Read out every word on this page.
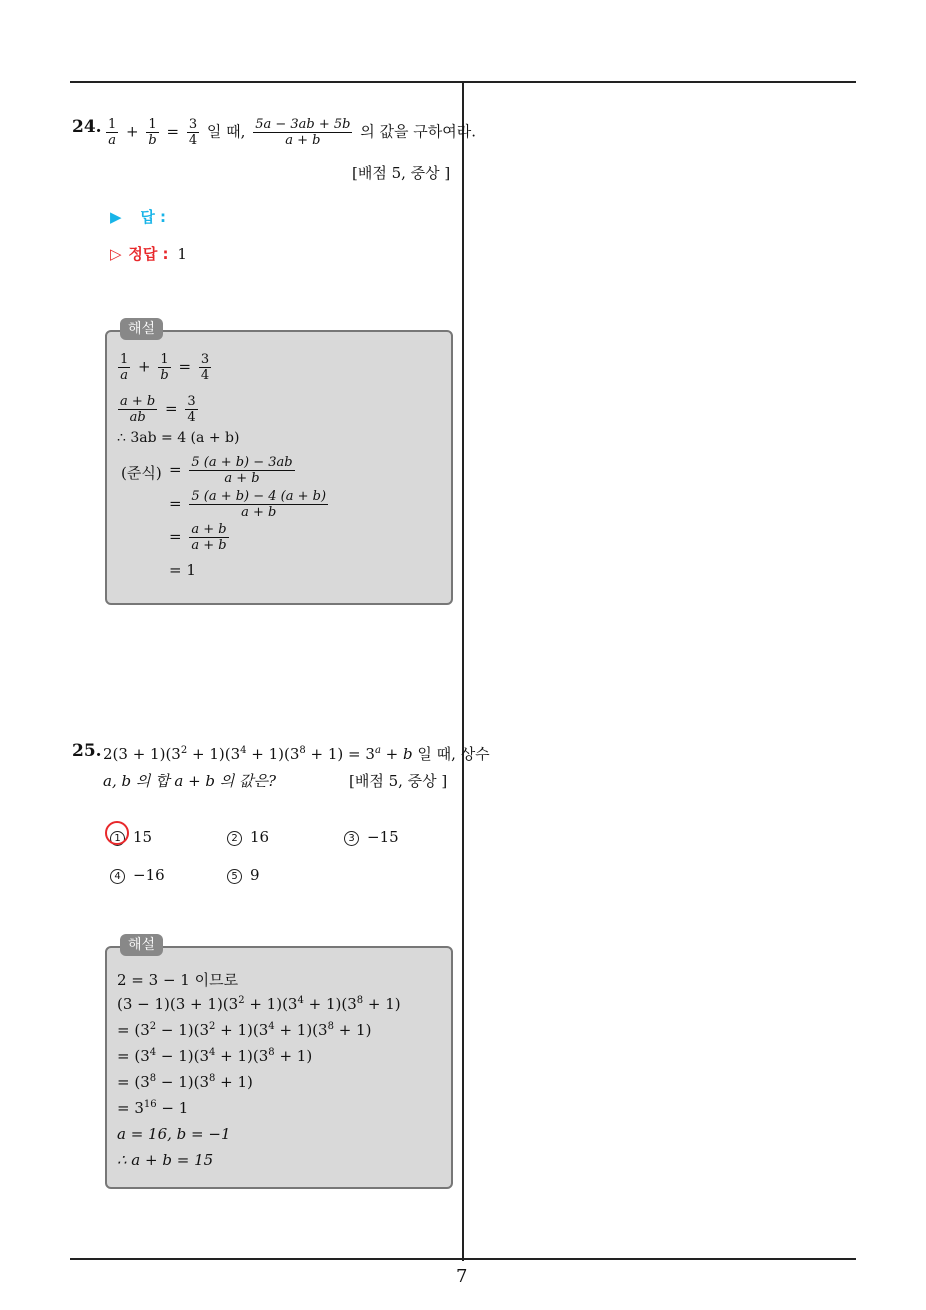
7
24. $\frac{1}{a} + \frac{1}{b} = \frac{3}{4}$ 일 때, $\frac{5a - 3ab + 5b}{a + b}$ 의 값을 구하여라.
[배점 5, 중상 ]
▶ 답 :
▷ 정답 : 1
해설
$\frac{1}{a} + \frac{1}{b} = \frac{3}{4}$
$\frac{a + b}{ab} = \frac{3}{4}$
∴ 3ab = 4 (a + b)
(준식) = $\frac{5 (a + b) - 3ab}{a + b}$
= $\frac{5 (a + b) - 4 (a + b)}{a + b}$
= $\frac{a + b}{a + b}$
= 1
25. $2(3 + 1)(3^2 + 1)(3^4 + 1)(3^8 + 1) = 3^a + b$ 일 때, 상수
a, b 의 합 a + b 의 값은?	[배점 5, 중상 ]
1 15	2 16	3 −15
4 −16	5 9
해설
2 = 3 − 1 이므로
$(3 - 1)(3 + 1)(3^2 + 1)(3^4 + 1)(3^8 + 1)$
= $(3^2 - 1)(3^2 + 1)(3^4 + 1)(3^8 + 1)$
= $(3^4 - 1)(3^4 + 1)(3^8 + 1)$
= $(3^8 - 1)(3^8 + 1)$
= $3^{16} - 1$
a = 16, b = −1
∴ a + b = 15
